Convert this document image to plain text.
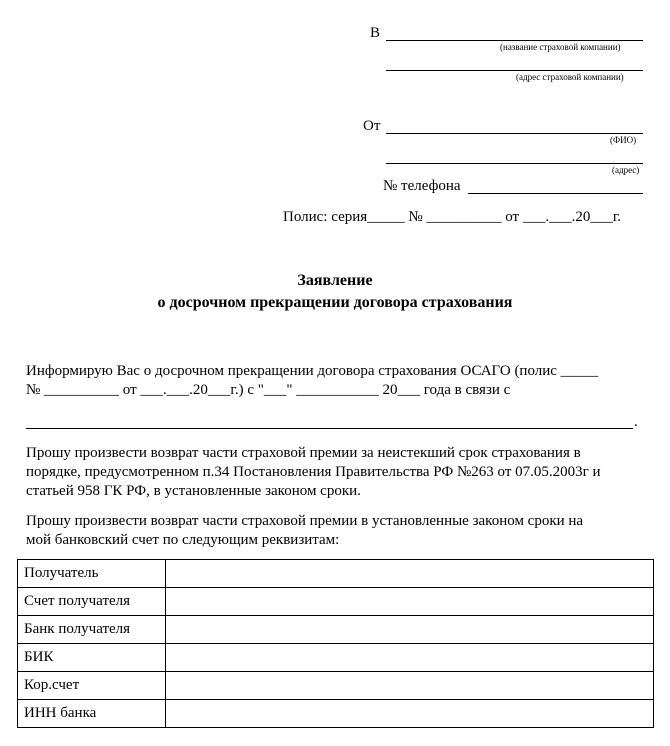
В
(название страховой компании)
(адрес страховой компании)
От
(ФИО)
(адрес)
№ телефона
Полис: серия_____ № __________ от ___.___.20___г.
Заявление
о досрочном прекращении договора страхования
Информирую Вас о досрочном прекращении договора страхования ОСАГО (полис _____
№ __________ от ___.___.20___г.) с "___" ___________ 20___ года в связи с
.
Прошу произвести возврат части страховой премии за неистекший срок страхования в
порядке, предусмотренном п.34 Постановления Правительства РФ №263 от 07.05.2003г и
статьей 958 ГК РФ, в установленные законом сроки.
Прошу произвести возврат части страховой премии в установленные законом сроки на
мой банковский счет по следующим реквизитам:
Получатель	
Счет получателя	
Банк получателя	
БИК	
Кор.счет	
ИНН банка	
